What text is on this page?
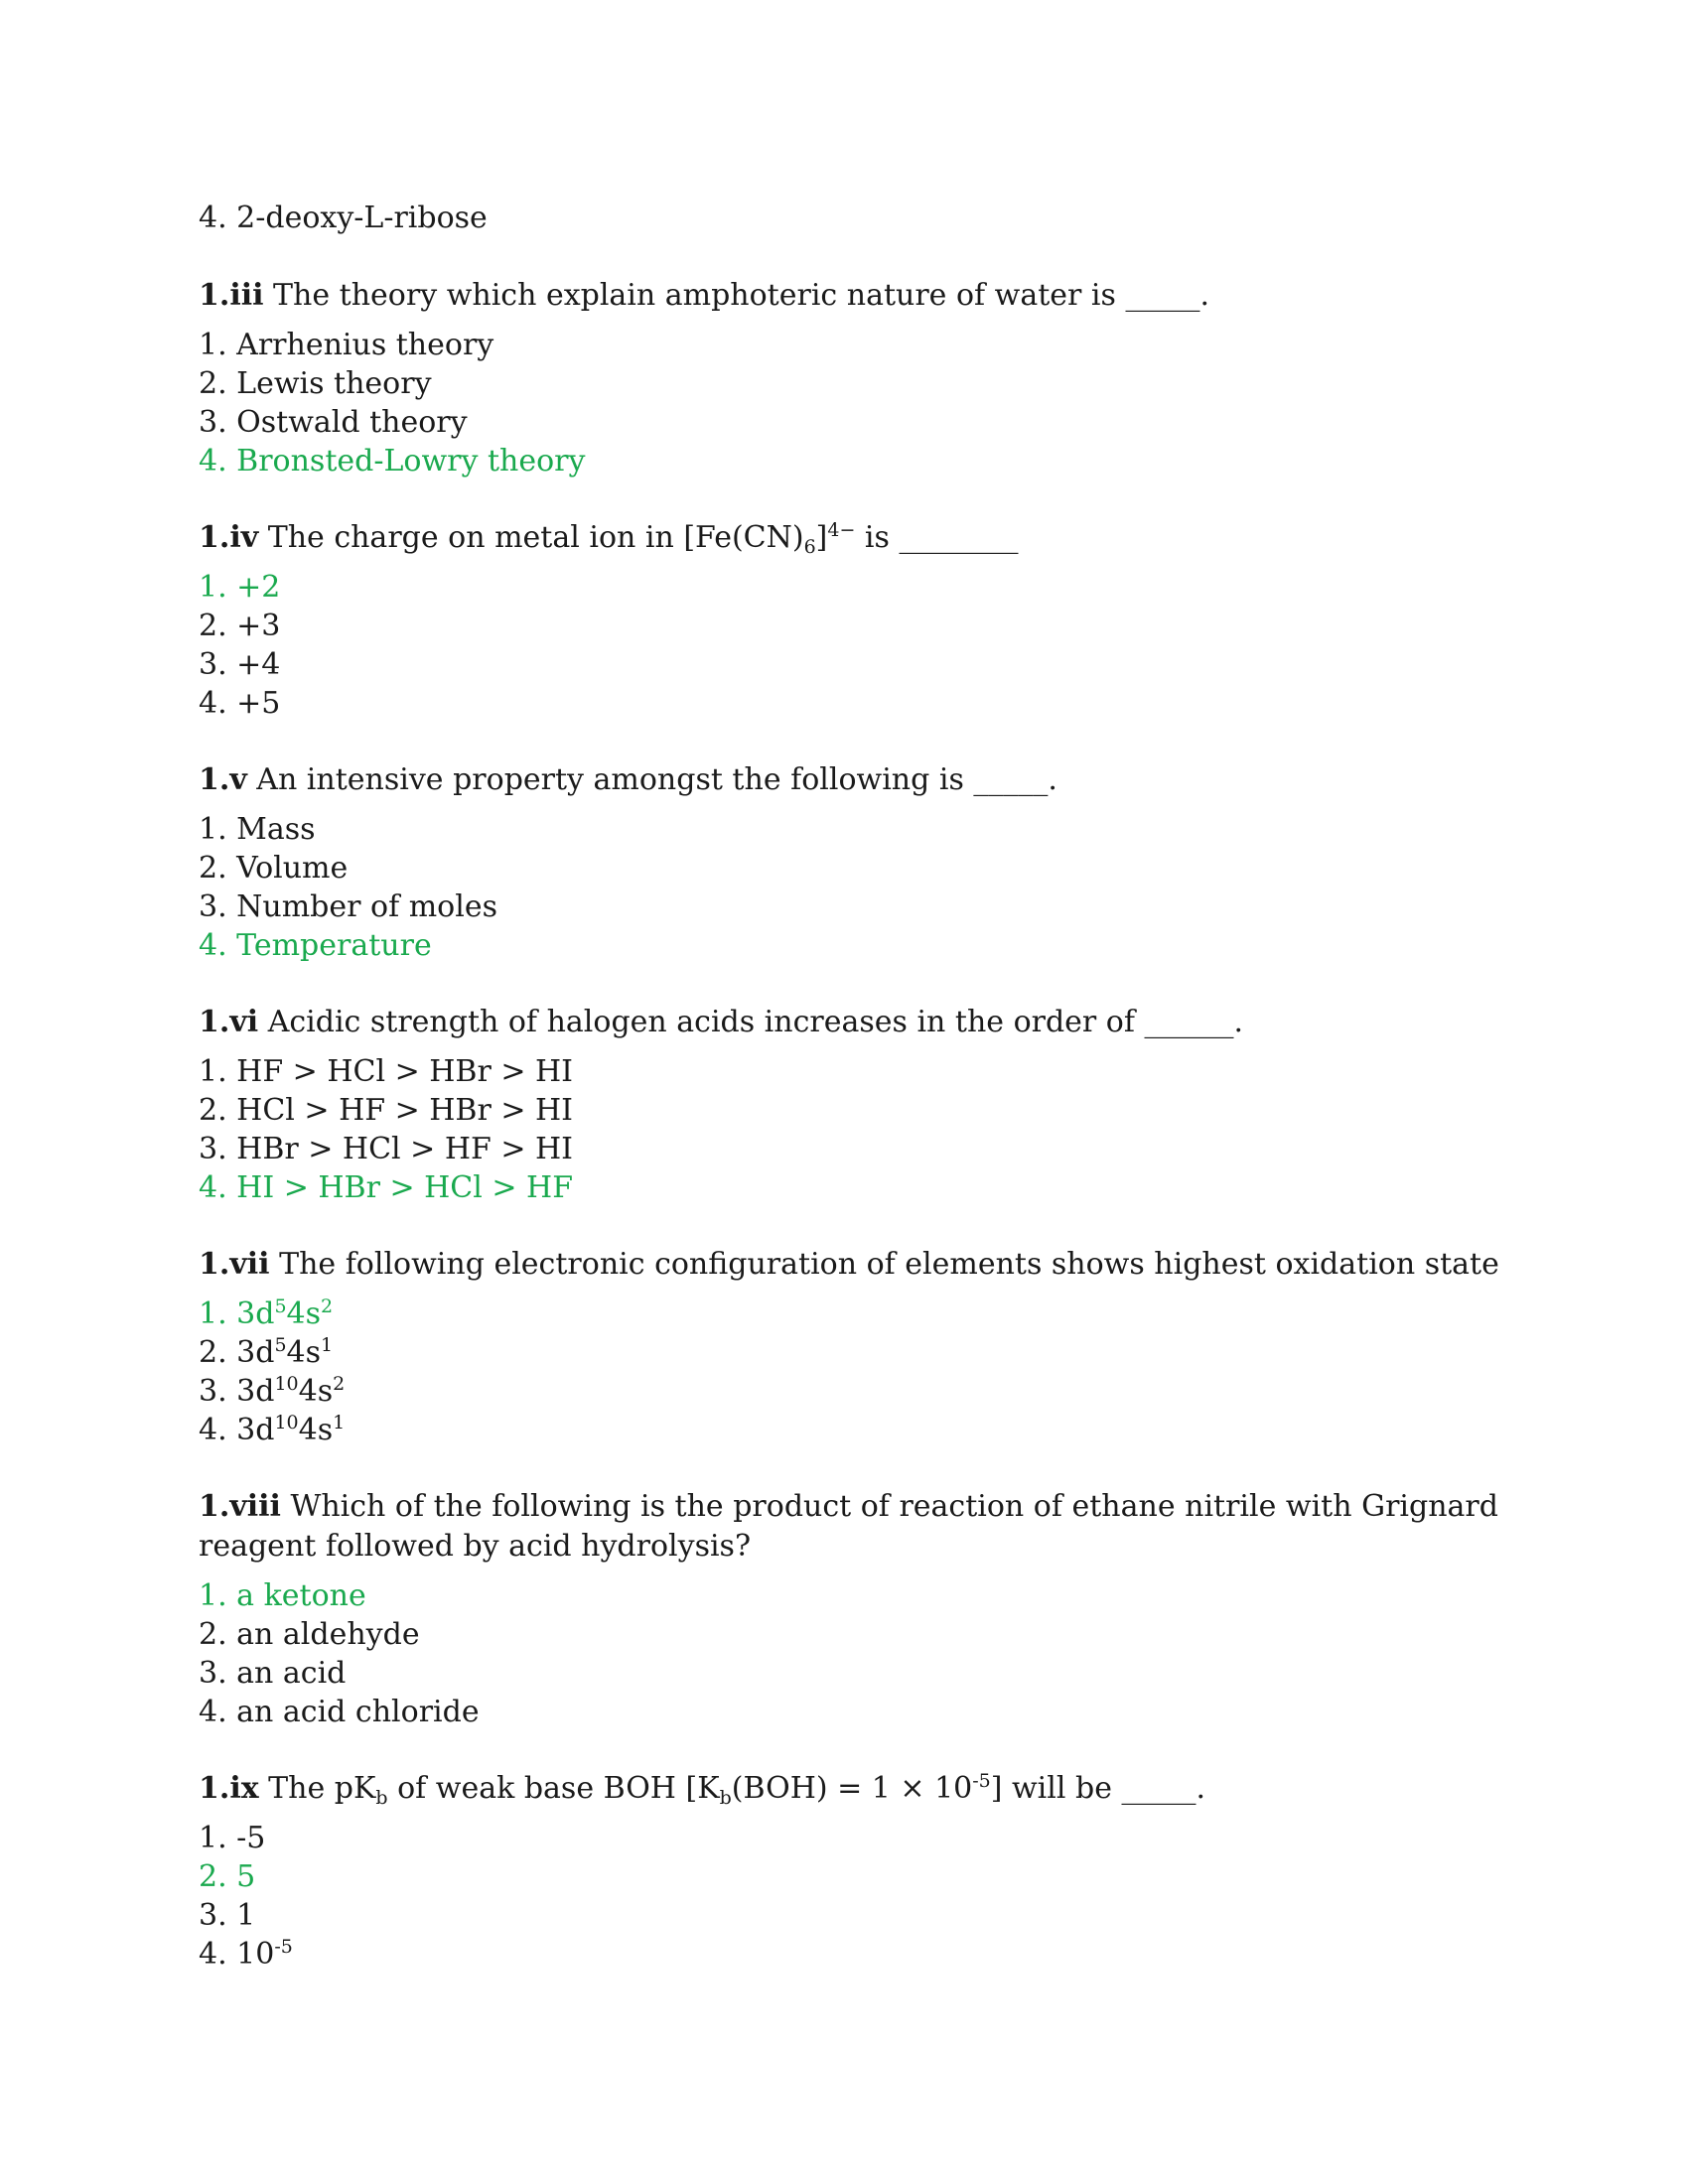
4. 2-deoxy-L-ribose
1.iii The theory which explain amphoteric nature of water is _____.
1. Arrhenius theory
2. Lewis theory
3. Ostwald theory
4. Bronsted-Lowry theory
1.iv The charge on metal ion in $[Fe(CN)_6]^{4-}$ is ________
1. +2
2. +3
3. +4
4. +5
1.v An intensive property amongst the following is _____.
1. Mass
2. Volume
3. Number of moles
4. Temperature
1.vi Acidic strength of halogen acids increases in the order of ______.
1. HF > HCl > HBr > HI
2. HCl > HF > HBr > HI
3. HBr > HCl > HF > HI
4. HI > HBr > HCl > HF
1.vii The following electronic configuration of elements shows highest oxidation state
1. $3d^54s^2$
2. $3d^54s^1$
3. $3d^{10}4s^2$
4. $3d^{10}4s^1$
1.viii Which of the following is the product of reaction of ethane nitrile with Grignard reagent followed by acid hydrolysis?
1. a ketone
2. an aldehyde
3. an acid
4. an acid chloride
1.ix The $pK_b$ of weak base BOH $[K_b(BOH) = 1 \times 10^{-5}]$ will be _____.
1. -5
2. 5
3. 1
4. $10^{-5}$
